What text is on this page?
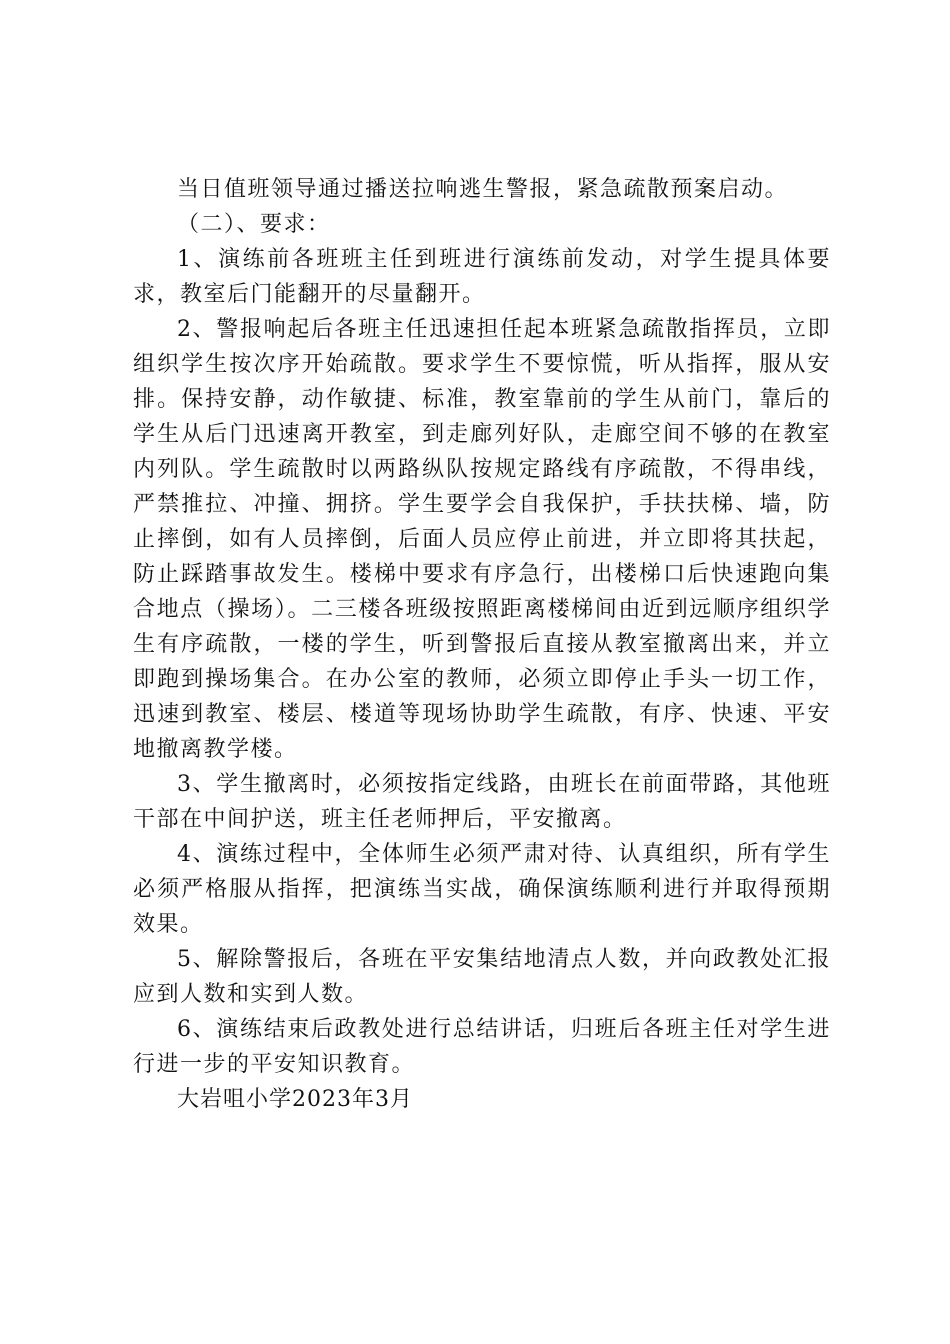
当日值班领导通过播送拉响逃生警报，紧急疏散预案启动。

（二）、要求：

1、演练前各班班主任到班进行演练前发动，对学生提具体要求，教室后门能翻开的尽量翻开。

2、警报响起后各班主任迅速担任起本班紧急疏散指挥员，立即组织学生按次序开始疏散。要求学生不要惊慌，听从指挥，服从安排。保持安静，动作敏捷、标准，教室靠前的学生从前门，靠后的学生从后门迅速离开教室，到走廊列好队，走廊空间不够的在教室内列队。学生疏散时以两路纵队按规定路线有序疏散，不得串线，严禁推拉、冲撞、拥挤。学生要学会自我保护，手扶扶梯、墙，防止摔倒，如有人员摔倒，后面人员应停止前进，并立即将其扶起，防止踩踏事故发生。楼梯中要求有序急行，出楼梯口后快速跑向集合地点（操场）。二三楼各班级按照距离楼梯间由近到远顺序组织学生有序疏散，一楼的学生，听到警报后直接从教室撤离出来，并立即跑到操场集合。在办公室的教师，必须立即停止手头一切工作，迅速到教室、楼层、楼道等现场协助学生疏散，有序、快速、平安地撤离教学楼。

3、学生撤离时，必须按指定线路，由班长在前面带路，其他班干部在中间护送，班主任老师押后，平安撤离。

4、演练过程中，全体师生必须严肃对待、认真组织，所有学生必须严格服从指挥，把演练当实战，确保演练顺利进行并取得预期效果。

5、解除警报后，各班在平安集结地清点人数，并向政教处汇报应到人数和实到人数。

6、演练结束后政教处进行总结讲话，归班后各班主任对学生进行进一步的平安知识教育。

大岩咀小学2023年3月
